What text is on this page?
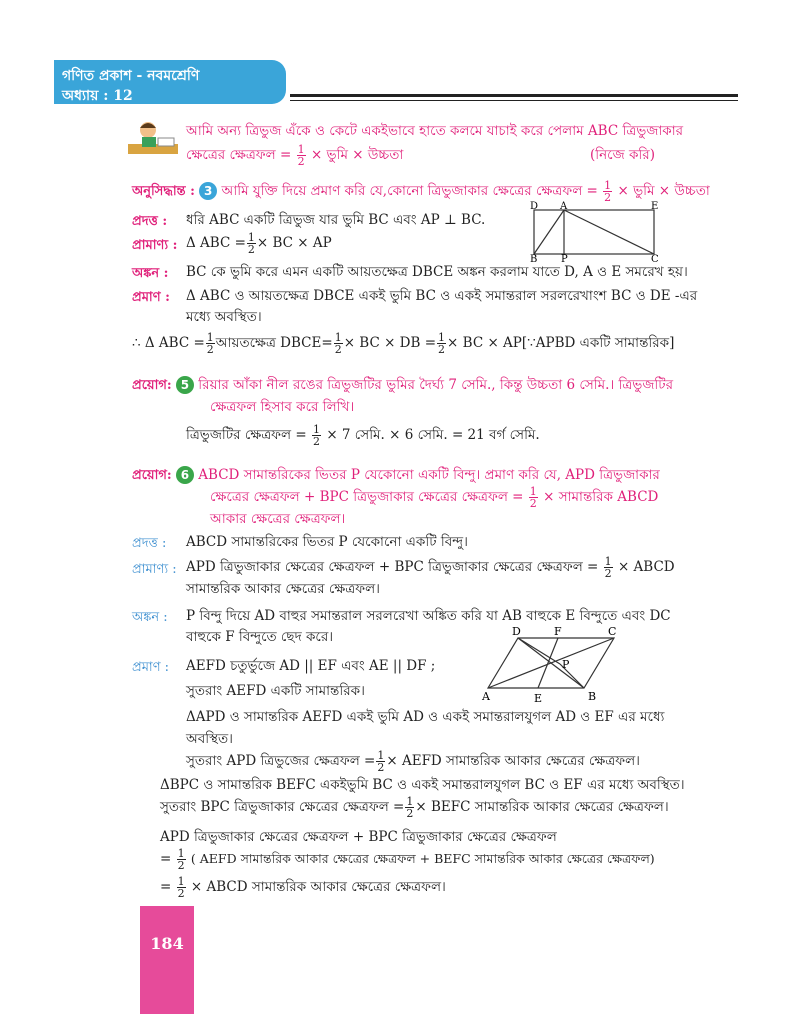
গণিত প্রকাশ - নবমশ্রেণি
অধ্যায় : 12
আমি অন্য ত্রিভুজ এঁকে ও কেটে একইভাবে হাতে কলমে যাচাই করে পেলাম ABC ত্রিভুজাকার
ক্ষেত্রের ক্ষেত্রফল = $\frac{1}{2}$ × ভুমি × উচ্চতা	(নিজে করি)
অনুসিদ্ধান্ত : 3 আমি যুক্তি দিয়ে প্রমাণ করি যে,কোনো ত্রিভুজাকার ক্ষেত্রের ক্ষেত্রফল = $\frac{1}{2}$ × ভুমি × উচ্চতা
প্রদত্ত : ধরি ABC একটি ত্রিভুজ যার ভুমি BC এবং AP ⊥ BC.
প্রামাণ্য : Δ ABC = $\frac{1}{2}$ × BC × AP
D A	E
B P	C
অঙ্কন : BC কে ভুমি করে এমন একটি আয়তক্ষেত্র DBCE অঙ্কন করলাম যাতে D, A ও E সমরেখ হয়।
প্রমাণ : Δ ABC ও আয়তক্ষেত্র DBCE একই ভুমি BC ও একই সমান্তরাল সরলরেখাংশ BC ও DE -এর
মধ্যে অবস্থিত।
∴ Δ ABC = $\frac{1}{2}$ আয়তক্ষেত্র DBCE= $\frac{1}{2}$ × BC × DB = $\frac{1}{2}$ × BC × AP[∵APBD একটি সামান্তরিক]
প্রয়োগ: 5 রিয়ার আঁকা নীল রঙের ত্রিভুজটির ভুমির দৈর্ঘ্য 7 সেমি., কিন্তু উচ্চতা 6 সেমি.। ত্রিভুজটির
ক্ষেত্রফল হিসাব করে লিখি।
ত্রিভুজটির ক্ষেত্রফল = $\frac{1}{2} \times 7$ সেমি. × 6 সেমি. = 21 বর্গ সেমি.
প্রয়োগ: 6 ABCD সামান্তরিকের ভিতর P যেকোনো একটি বিন্দু। প্রমাণ করি যে, APD ত্রিভুজাকার
ক্ষেত্রের ক্ষেত্রফল + BPC ত্রিভুজাকার ক্ষেত্রের ক্ষেত্রফল = $\frac{1}{2}$ × সামান্তরিক ABCD
আকার ক্ষেত্রের ক্ষেত্রফল।
প্রদত্ত : ABCD সামান্তরিকের ভিতর P যেকোনো একটি বিন্দু।
প্রামাণ্য : APD ত্রিভুজাকার ক্ষেত্রের ক্ষেত্রফল + BPC ত্রিভুজাকার ক্ষেত্রের ক্ষেত্রফল = $\frac{1}{2}$ × ABCD
সামান্তরিক আকার ক্ষেত্রের ক্ষেত্রফল।
অঙ্কন : P বিন্দু দিয়ে AD বাহুর সমান্তরাল সরলরেখা অঙ্কিত করি যা AB বাহুকে E বিন্দুতে এবং DC
বাহুকে F বিন্দুতে ছেদ করে।	D	F	C
P
A	E	B
প্রমাণ : AEFD চতুর্ভুজে AD || EF এবং AE || DF ;
সুতরাং AEFD একটি সামান্তরিক।
ΔAPD ও সামান্তরিক AEFD একই ভুমি AD ও একই সমান্তরালযুগল AD ও EF এর মধ্যে
অবস্থিত।
সুতরাং APD ত্রিভুজের ক্ষেত্রফল = $\frac{1}{2}$ × AEFD সামান্তরিক আকার ক্ষেত্রের ক্ষেত্রফল।
ΔBPC ও সামান্তরিক BEFC একইভুমি BC ও একই সমান্তরালযুগল BC ও EF এর মধ্যে অবস্থিত।
সুতরাং BPC ত্রিভুজাকার ক্ষেত্রের ক্ষেত্রফল = $\frac{1}{2}$ × BEFC সামান্তরিক আকার ক্ষেত্রের ক্ষেত্রফল।
APD ত্রিভুজাকার ক্ষেত্রের ক্ষেত্রফল + BPC ত্রিভুজাকার ক্ষেত্রের ক্ষেত্রফল
= $\frac{1}{2}$ ( AEFD সামান্তরিক আকার ক্ষেত্রের ক্ষেত্রফল + BEFC সামান্তরিক আকার ক্ষেত্রের ক্ষেত্রফল)
= $\frac{1}{2}$ × ABCD সামান্তরিক আকার ক্ষেত্রের ক্ষেত্রফল।
184
